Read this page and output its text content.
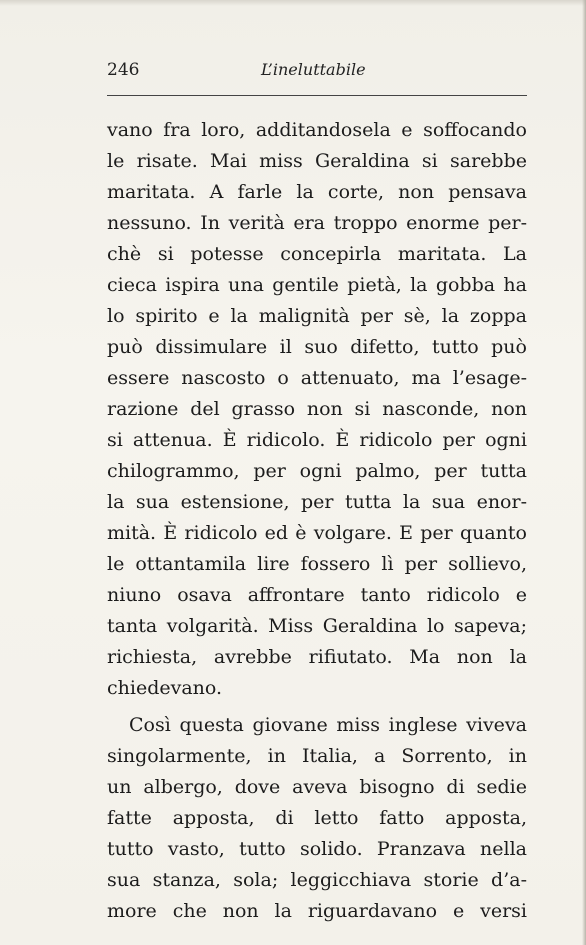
246	L’ineluttabile
vano fra loro, additandosela e soffocando
le risate. Mai miss Geraldina si sarebbe
maritata. A farle la corte, non pensava
nessuno. In verità era troppo enorme per-
chè si potesse concepirla maritata. La
cieca ispira una gentile pietà, la gobba ha
lo spirito e la malignità per sè, la zoppa
può dissimulare il suo difetto, tutto può
essere nascosto o attenuato, ma l’esage-
razione del grasso non si nasconde, non
si attenua. È ridicolo. È ridicolo per ogni
chilogrammo, per ogni palmo, per tutta
la sua estensione, per tutta la sua enor-
mità. È ridicolo ed è volgare. E per quanto
le ottantamila lire fossero lì per sollievo,
niuno osava affrontare tanto ridicolo e
tanta volgarità. Miss Geraldina lo sapeva;
richiesta, avrebbe rifiutato. Ma non la
chiedevano.
Così questa giovane miss inglese viveva
singolarmente, in Italia, a Sorrento, in
un albergo, dove aveva bisogno di sedie
fatte apposta, di letto fatto apposta,
tutto vasto, tutto solido. Pranzava nella
sua stanza, sola; leggicchiava storie d’a-
more che non la riguardavano e versi
